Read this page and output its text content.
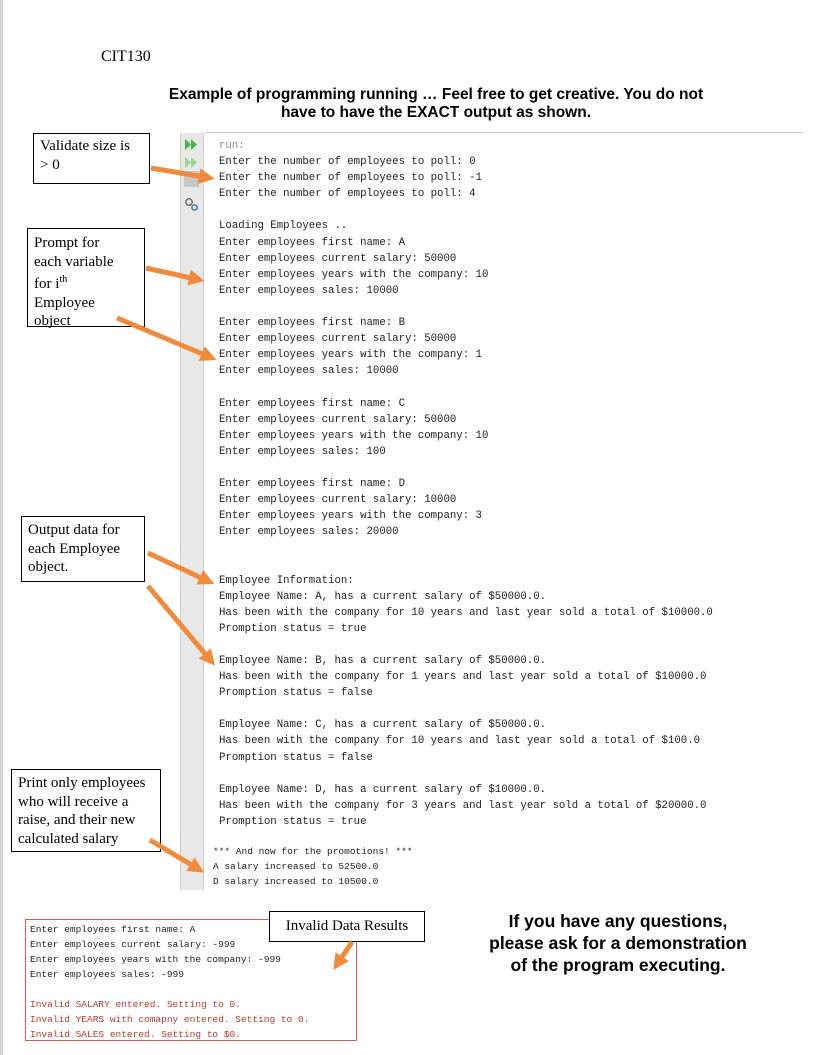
CIT130
Example of programming running … Feel free to get creative. You do not
have to have the EXACT output as shown.
run:
Enter the number of employees to poll: 0
Enter the number of employees to poll: -1
Enter the number of employees to poll: 4
Loading Employees ..
Enter employees first name: A
Enter employees current salary: 50000
Enter employees years with the company: 10
Enter employees sales: 10000
Enter employees first name: B
Enter employees current salary: 50000
Enter employees years with the company: 1
Enter employees sales: 10000
Enter employees first name: C
Enter employees current salary: 50000
Enter employees years with the company: 10
Enter employees sales: 100
Enter employees first name: D
Enter employees current salary: 10000
Enter employees years with the company: 3
Enter employees sales: 20000
Employee Information:
Employee Name: A, has a current salary of $50000.0.
Has been with the company for 10 years and last year sold a total of $10000.0
Promption status = true
Employee Name: B, has a current salary of $50000.0.
Has been with the company for 1 years and last year sold a total of $10000.0
Promption status = false
Employee Name: C, has a current salary of $50000.0.
Has been with the company for 10 years and last year sold a total of $100.0
Promption status = false
Employee Name: D, has a current salary of $10000.0.
Has been with the company for 3 years and last year sold a total of $20000.0
Promption status = true
*** And now for the promotions! ***
A salary increased to 52500.0
D salary increased to 10500.0
Validate size is
> 0
Prompt for
each variable
for $i^{th}$
Employee
object
Output data for
each Employee
object.
Print only employees
who will receive a
raise, and their new
calculated salary
Enter employees first name: A
Enter employees current salary: -999
Enter employees years with the company: -999
Enter employees sales: -999
Invalid SALARY entered. Setting to 0.
Invalid YEARS with comapny entered. Setting to 0.
Invalid SALES entered. Setting to $0.
Invalid Data Results	If you have any questions,
please ask for a demonstration
of the program executing.
